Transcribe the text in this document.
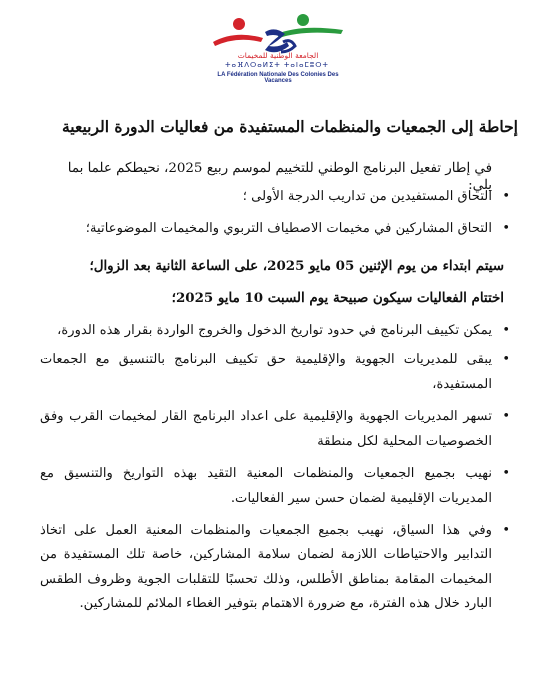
الجامعة الوطنية للمخيمات
ⵜⴰⴼⴷⵔⴰⵍⵉⵜ ⵜⴰⵏⴰⵎⵓⵔⵜ
LA Fédération Nationale Des Colonies Des Vacances
إحاطة إلى الجمعيات والمنظمات المستفيدة من فعاليات الدورة الربيعية
في إطار تفعيل البرنامج الوطني للتخييم لموسم ربيع 2025، نحيطكم علما بما يلي:
•
التحاق المستفيدين من تداريب الدرجة الأولى ؛
•
التحاق المشاركين في مخيمات الاصطياف التربوي والمخيمات الموضوعاتية؛
سيتم ابتداء من يوم الإثنين 05 مايو 2025، على الساعة الثانية بعد الزوال؛
اختتام الفعاليات سيكون صبيحة يوم السبت 10 مايو 2025؛
•
يمكن تكييف البرنامج في حدود تواريخ الدخول والخروج الواردة بقرار هذه الدورة،
•
يبقى للمديريات الجهوية والإقليمية حق تكييف البرنامج بالتنسيق مع الجمعات المستفيدة،
•
تسهر المديريات الجهوية والإقليمية على اعداد البرنامج القار لمخيمات القرب وفق الخصوصيات المحلية لكل منطقة
•
نهيب بجميع الجمعيات والمنظمات المعنية التقيد بهذه التواريخ والتنسيق مع المديريات الإقليمية لضمان حسن سير الفعاليات.
•
وفي هذا السياق، نهيب بجميع الجمعيات والمنظمات المعنية العمل على اتخاذ التدابير والاحتياطات اللازمة لضمان سلامة المشاركين، خاصة تلك المستفيدة من المخيمات المقامة بمناطق الأطلس، وذلك تحسبًا للتقلبات الجوية وظروف الطقس البارد خلال هذه الفترة، مع ضرورة الاهتمام بتوفير الغطاء الملائم للمشاركين.
